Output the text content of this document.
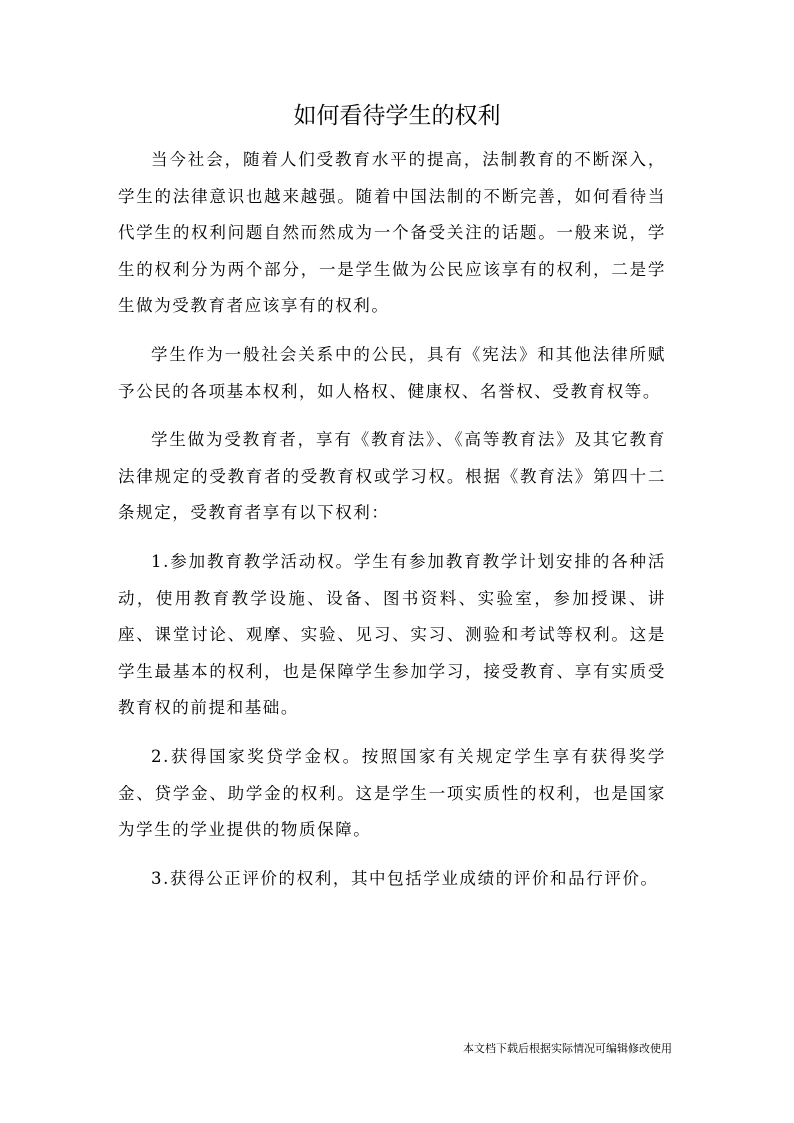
如何看待学生的权利

当今社会，随着人们受教育水平的提高，法制教育的不断深入，学生的法律意识也越来越强。随着中国法制的不断完善，如何看待当代学生的权利问题自然而然成为一个备受关注的话题。一般来说，学生的权利分为两个部分，一是学生做为公民应该享有的权利，二是学生做为受教育者应该享有的权利。

学生作为一般社会关系中的公民，具有《宪法》和其他法律所赋予公民的各项基本权利，如人格权、健康权、名誉权、受教育权等。

学生做为受教育者，享有《教育法》、《高等教育法》及其它教育法律规定的受教育者的受教育权或学习权。根据《教育法》第四十二条规定，受教育者享有以下权利：

1.参加教育教学活动权。学生有参加教育教学计划安排的各种活动，使用教育教学设施、设备、图书资料、实验室，参加授课、讲座、课堂讨论、观摩、实验、见习、实习、测验和考试等权利。这是学生最基本的权利，也是保障学生参加学习，接受教育、享有实质受教育权的前提和基础。

2.获得国家奖贷学金权。按照国家有关规定学生享有获得奖学金、贷学金、助学金的权利。这是学生一项实质性的权利，也是国家为学生的学业提供的物质保障。

3.获得公正评价的权利，其中包括学业成绩的评价和品行评价。

本文档下载后根据实际情况可编辑修改使用
